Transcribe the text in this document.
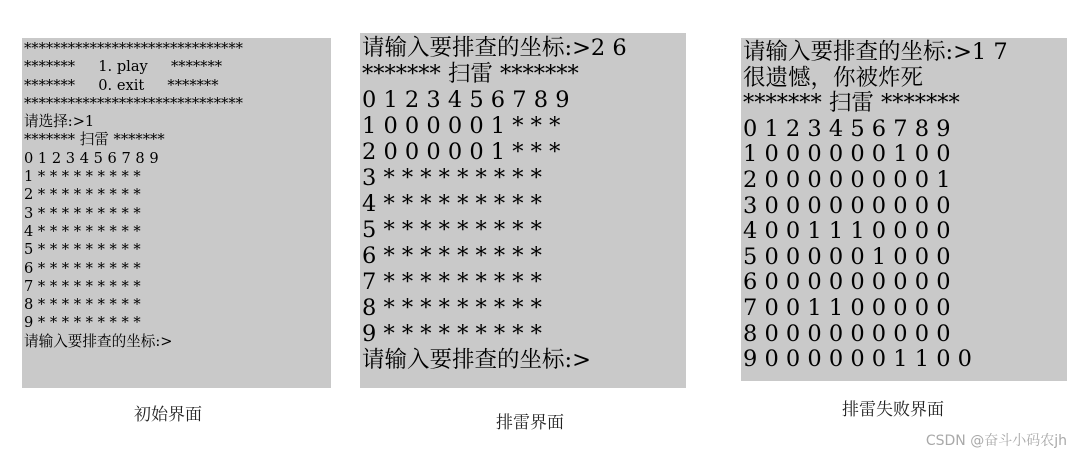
******************************
*******     1. play     *******
*******     0. exit     *******
******************************
请选择:>1
******* 扫雷 *******
0 1 2 3 4 5 6 7 8 9
1 * * * * * * * * *
2 * * * * * * * * *
3 * * * * * * * * *
4 * * * * * * * * *
5 * * * * * * * * *
6 * * * * * * * * *
7 * * * * * * * * *
8 * * * * * * * * *
9 * * * * * * * * *
请输入要排查的坐标:>
请输入要排查的坐标:>2 6
******* 扫雷 *******
0 1 2 3 4 5 6 7 8 9
1 0 0 0 0 0 1 * * *
2 0 0 0 0 0 1 * * *
3 * * * * * * * * *
4 * * * * * * * * *
5 * * * * * * * * *
6 * * * * * * * * *
7 * * * * * * * * *
8 * * * * * * * * *
9 * * * * * * * * *
请输入要排查的坐标:>
请输入要排查的坐标:>1 7
很遗憾，你被炸死
******* 扫雷 *******
0 1 2 3 4 5 6 7 8 9
1 0 0 0 0 0 0 1 0 0
2 0 0 0 0 0 0 0 0 1
3 0 0 0 0 0 0 0 0 0
4 0 0 1 1 1 0 0 0 0
5 0 0 0 0 0 1 0 0 0
6 0 0 0 0 0 0 0 0 0
7 0 0 1 1 0 0 0 0 0
8 0 0 0 0 0 0 0 0 0
9 0 0 0 0 0 0 1 1 0 0
初始界面	排雷界面
排雷失败界面
CSDN @奋斗小码农jh
